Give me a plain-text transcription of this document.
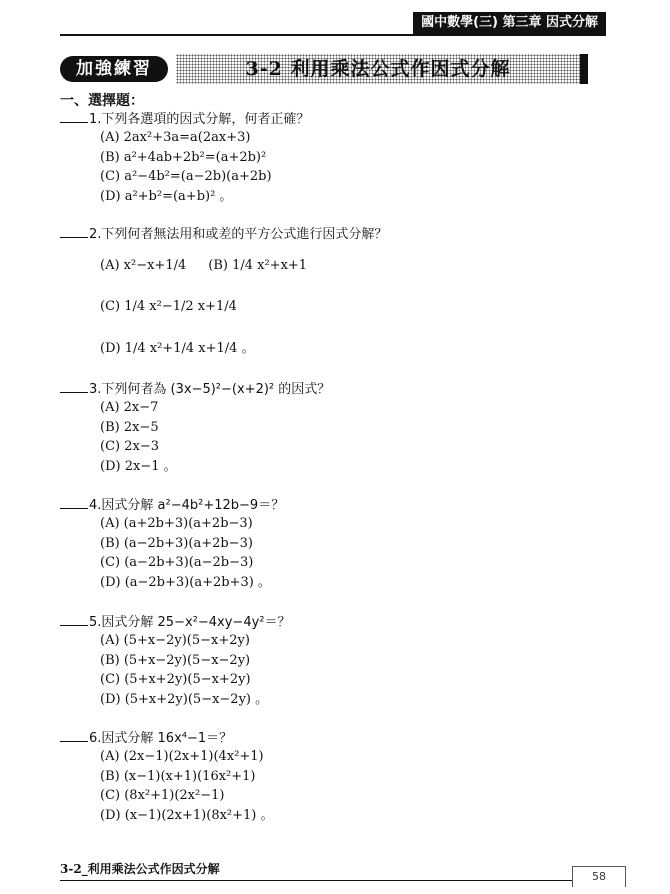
國中數學(三) 第三章 因式分解
加強練習	3-2 利用乘法公式作因式分解
一、選擇題：
1.下列各選項的因式分解，何者正確？
(A) 2ax²+3a=a(2ax+3)
(B) a²+4ab+2b²=(a+2b)²
(C) a²−4b²=(a−2b)(a+2b)
(D) a²+b²=(a+b)² 。
2.下列何者無法用和或差的平方公式進行因式分解？
(A) x²−x+1/4 (B) 1/4 x²+x+1
(C) 1/4 x²−1/2 x+1/4
(D) 1/4 x²+1/4 x+1/4 。
3.下列何者為 (3x−5)²−(x+2)² 的因式？
(A) 2x−7
(B) 2x−5
(C) 2x−3
(D) 2x−1 。
4.因式分解 a²−4b²+12b−9＝？
(A) (a+2b+3)(a+2b−3)
(B) (a−2b+3)(a+2b−3)
(C) (a−2b+3)(a−2b−3)
(D) (a−2b+3)(a+2b+3) 。
5.因式分解 25−x²−4xy−4y²＝？
(A) (5+x−2y)(5−x+2y)
(B) (5+x−2y)(5−x−2y)
(C) (5+x+2y)(5−x+2y)
(D) (5+x+2y)(5−x−2y) 。
6.因式分解 16x⁴−1＝？
(A) (2x−1)(2x+1)(4x²+1)
(B) (x−1)(x+1)(16x²+1)
(C) (8x²+1)(2x²−1)
(D) (x−1)(2x+1)(8x²+1) 。
3-2_利用乘法公式作因式分解
58
